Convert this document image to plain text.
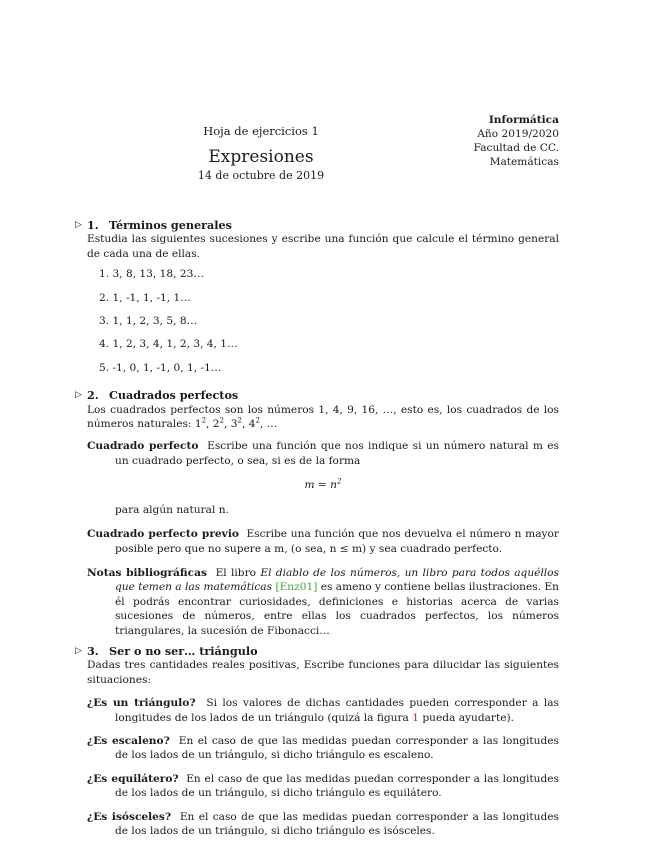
Hoja de ejercicios 1
Expresiones
14 de octubre de 2019
Informática
Año 2019/2020
Facultad de CC.
Matemáticas
▷ 1. Términos generales
Estudia las siguientes sucesiones y escribe una función que calcule el término general de cada una de ellas.
1. 3, 8, 13, 18, 23…
2. 1, -1, 1, -1, 1…
3. 1, 1, 2, 3, 5, 8…
4. 1, 2, 3, 4, 1, 2, 3, 4, 1…
5. -1, 0, 1, -1, 0, 1, -1…
▷ 2. Cuadrados perfectos
Los cuadrados perfectos son los números 1, 4, 9, 16, …, esto es, los cuadrados de los números naturales: $1^2$, $2^2$, $3^2$, $4^2$, …
Cuadrado perfecto Escribe una función que nos indique si un número natural m es un cuadrado perfecto, o sea, si es de la forma
$m = n^2$
para algún natural n.
Cuadrado perfecto previo Escribe una función que nos devuelva el número n mayor posible pero que no supere a m, (o sea, n ≤ m) y sea cuadrado perfecto.
Notas bibliográficas El libro El diablo de los números, un libro para todos aquéllos que temen a las matemáticas [Enz01] es ameno y contiene bellas ilustraciones. En él podrás encontrar curiosidades, definiciones e historias acerca de varias sucesiones de números, entre ellas los cuadrados perfectos, los números triangulares, la sucesión de Fibonacci…
▷ 3. Ser o no ser… triángulo
Dadas tres cantidades reales positivas, Escribe funciones para dilucidar las siguientes situaciones:
¿Es un triángulo? Si los valores de dichas cantidades pueden corresponder a las longitudes de los lados de un triángulo (quizá la figura 1 pueda ayudarte).
¿Es escaleno? En el caso de que las medidas puedan corresponder a las longitudes de los lados de un triángulo, si dicho triángulo es escaleno.
¿Es equilátero? En el caso de que las medidas puedan corresponder a las longitudes de los lados de un triángulo, si dicho triángulo es equilátero.
¿Es isósceles? En el caso de que las medidas puedan corresponder a las longitudes de los lados de un triángulo, si dicho triángulo es isósceles.
